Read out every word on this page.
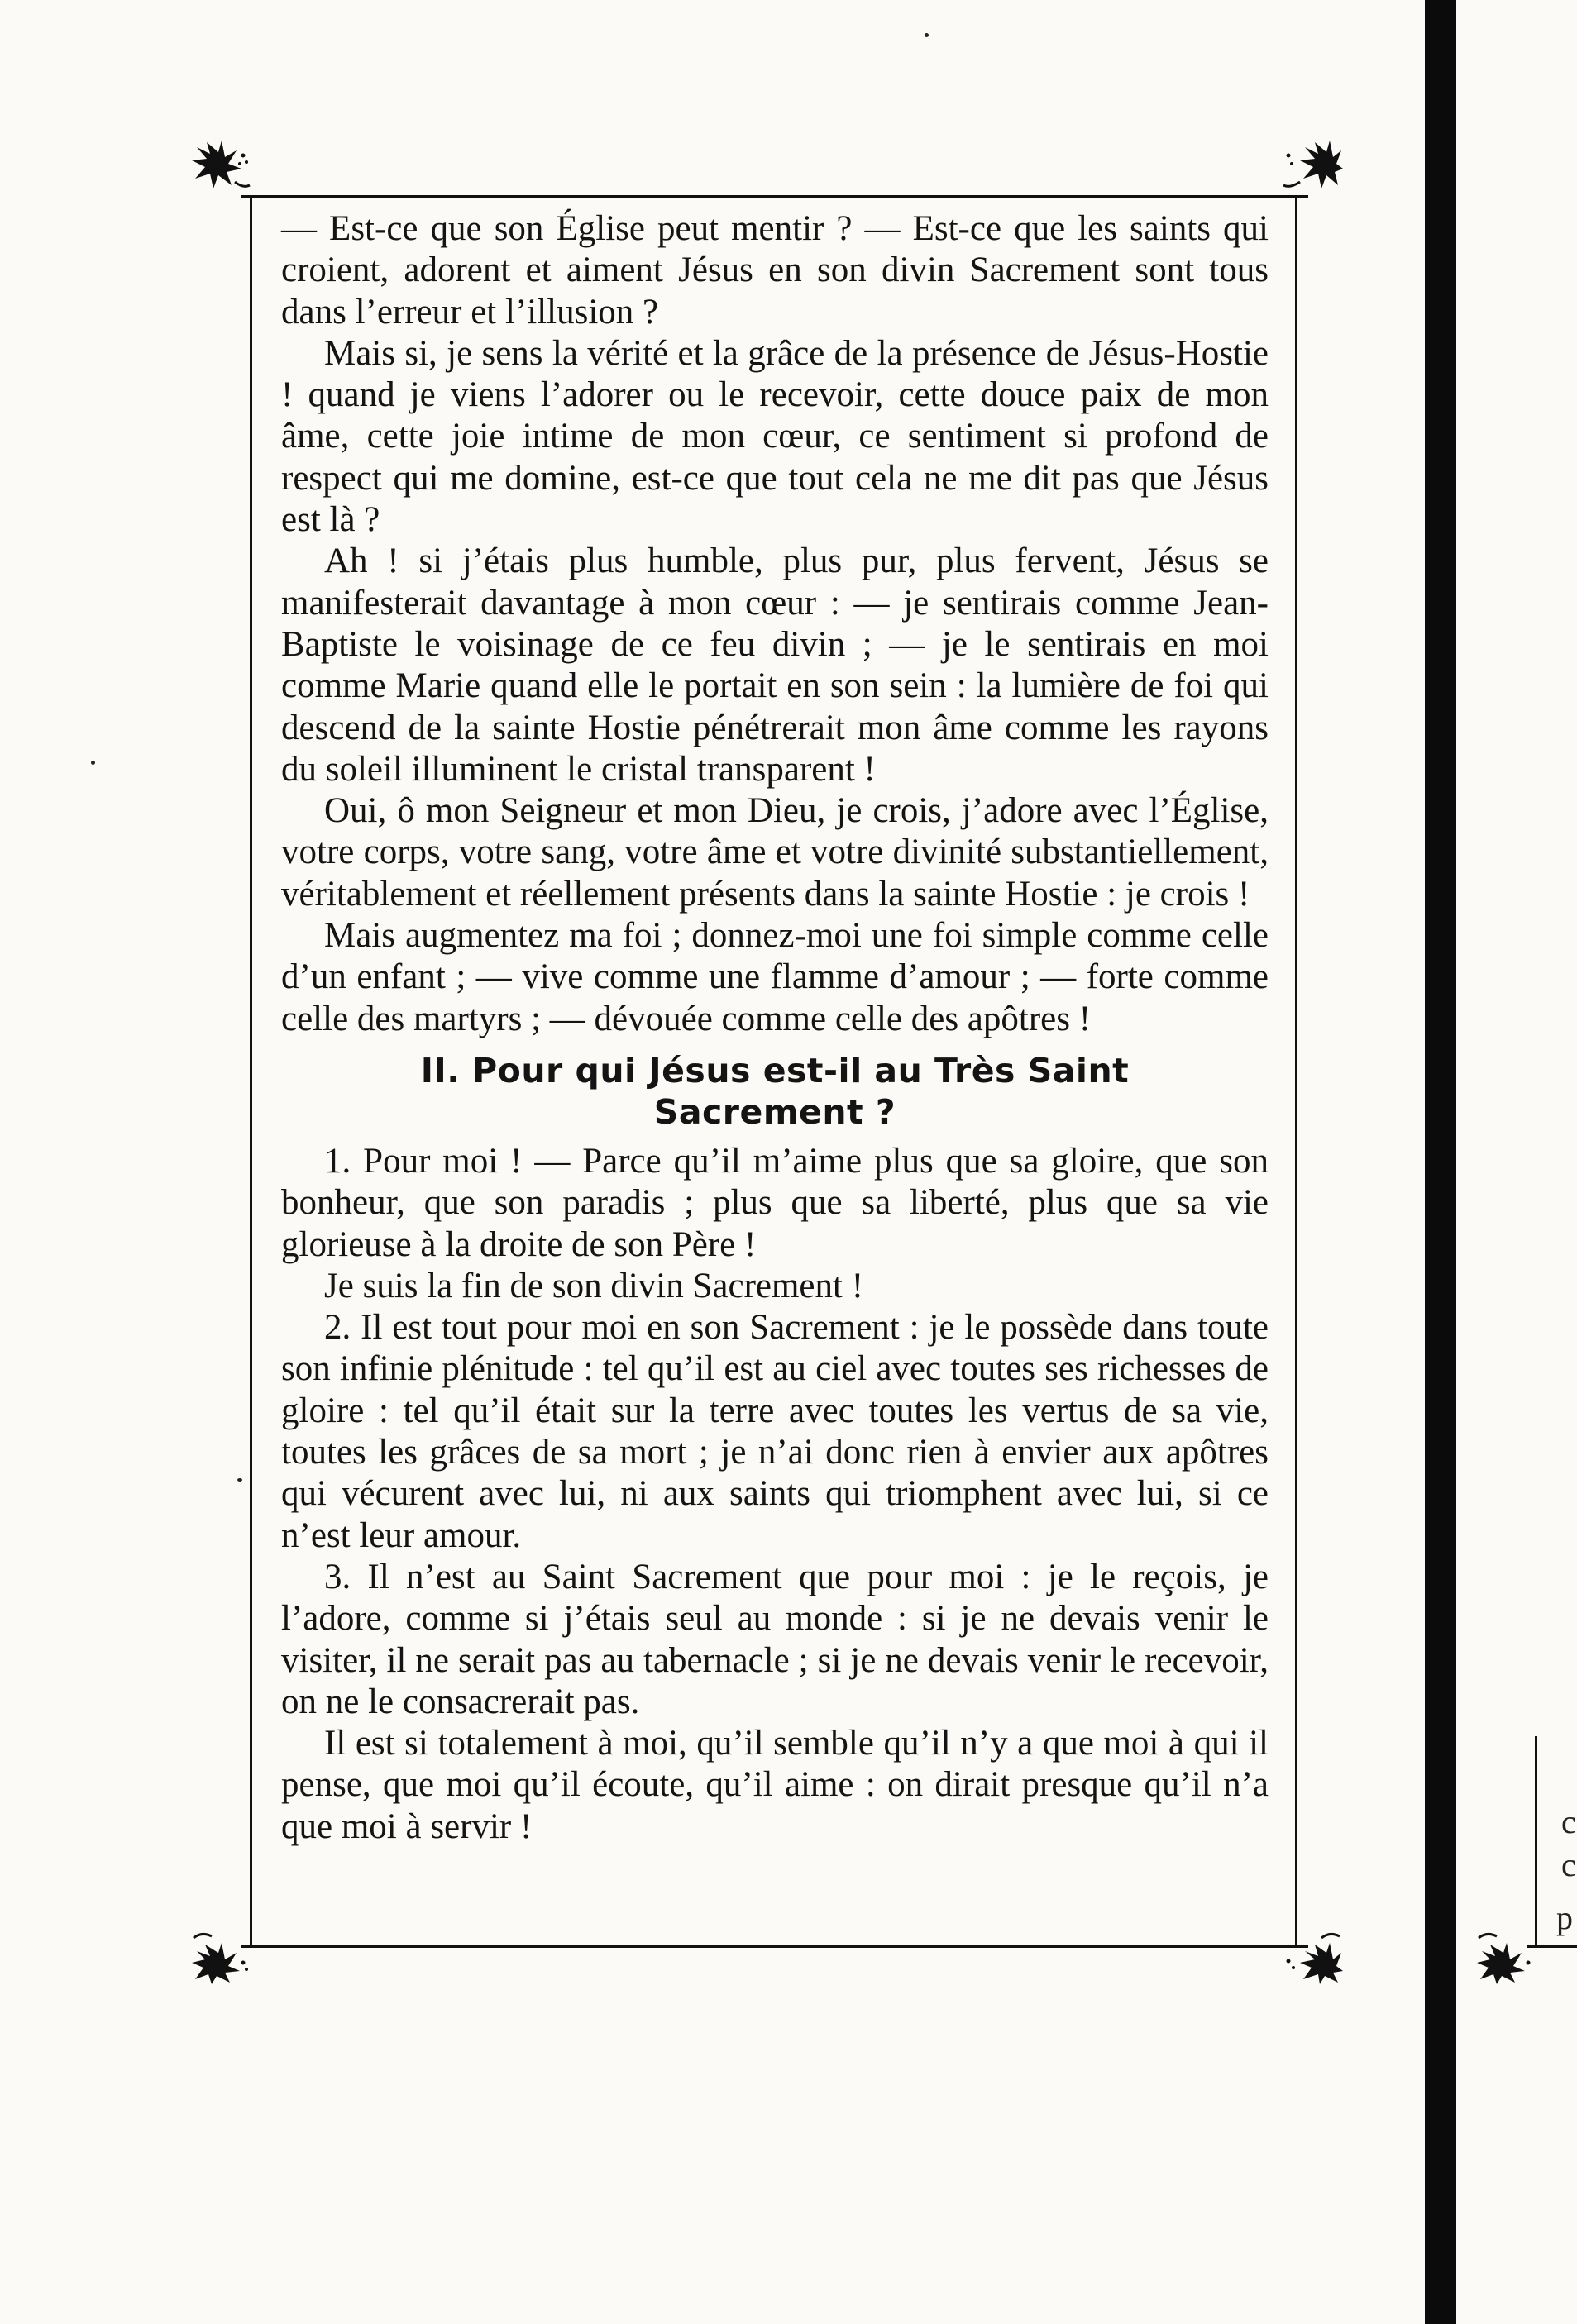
c
c
p

— Est-ce que son Église peut mentir ? — Est-ce que les saints qui croient, adorent et aiment Jésus en son divin Sacrement sont tous dans l’erreur et l’illusion ?

Mais si, je sens la vérité et la grâce de la présence de Jésus-Hostie ! quand je viens l’adorer ou le recevoir, cette douce paix de mon âme, cette joie intime de mon cœur, ce sentiment si profond de respect qui me domine, est-ce que tout cela ne me dit pas que Jésus est là ?

Ah ! si j’étais plus humble, plus pur, plus fervent, Jésus se manifesterait davantage à mon cœur : — je sentirais comme Jean-Baptiste le voisinage de ce feu divin ; — je le sentirais en moi comme Marie quand elle le portait en son sein : la lumière de foi qui descend de la sainte Hostie pénétrerait mon âme comme les rayons du soleil illuminent le cristal transparent !

Oui, ô mon Seigneur et mon Dieu, je crois, j’adore avec l’Église, votre corps, votre sang, votre âme et votre divinité substantiellement, véritablement et réellement présents dans la sainte Hostie : je crois !

Mais augmentez ma foi ; donnez-moi une foi simple comme celle d’un enfant ; — vive comme une flamme d’amour ; — forte comme celle des martyrs ; — dévouée comme celle des apôtres !

II. Pour qui Jésus est-il au Très Saint
Sacrement ?

1. Pour moi ! — Parce qu’il m’aime plus que sa gloire, que son bonheur, que son paradis ; plus que sa liberté, plus que sa vie glorieuse à la droite de son Père !

Je suis la fin de son divin Sacrement !

2. Il est tout pour moi en son Sacrement : je le possède dans toute son infinie plénitude : tel qu’il est au ciel avec toutes ses richesses de gloire : tel qu’il était sur la terre avec toutes les vertus de sa vie, toutes les grâces de sa mort ; je n’ai donc rien à envier aux apôtres qui vécurent avec lui, ni aux saints qui triomphent avec lui, si ce n’est leur amour.

3. Il n’est au Saint Sacrement que pour moi : je le reçois, je l’adore, comme si j’étais seul au monde : si je ne devais venir le visiter, il ne serait pas au tabernacle ; si je ne devais venir le recevoir, on ne le consacrerait pas.

Il est si totalement à moi, qu’il semble qu’il n’y a que moi à qui il pense, que moi qu’il écoute, qu’il aime : on dirait presque qu’il n’a que moi à servir !
